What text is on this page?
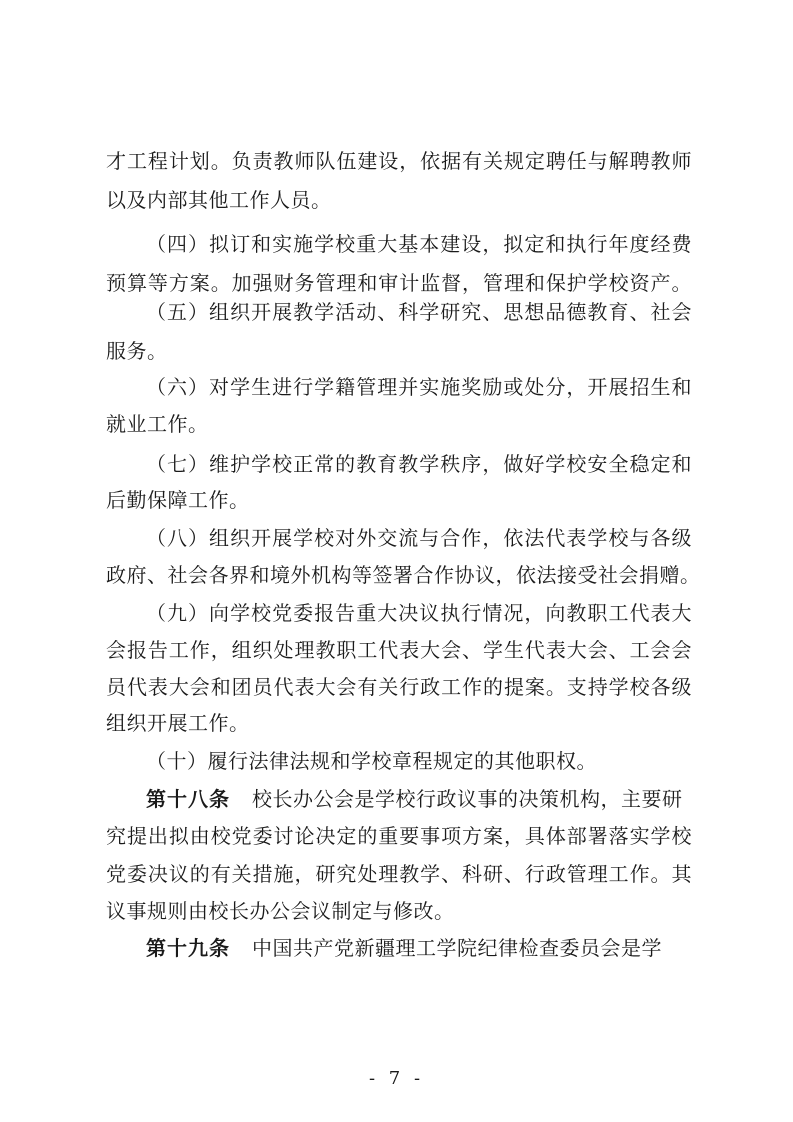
才工程计划。负责教师队伍建设，依据有关规定聘任与解聘教师

以及内部其他工作人员。

（四）拟订和实施学校重大基本建设，拟定和执行年度经费

预算等方案。加强财务管理和审计监督，管理和保护学校资产。

（五）组织开展教学活动、科学研究、思想品德教育、社会

服务。

（六）对学生进行学籍管理并实施奖励或处分，开展招生和

就业工作。

（七）维护学校正常的教育教学秩序，做好学校安全稳定和

后勤保障工作。

（八）组织开展学校对外交流与合作，依法代表学校与各级

政府、社会各界和境外机构等签署合作协议，依法接受社会捐赠。

（九）向学校党委报告重大决议执行情况，向教职工代表大

会报告工作，组织处理教职工代表大会、学生代表大会、工会会

员代表大会和团员代表大会有关行政工作的提案。支持学校各级

组织开展工作。

（十）履行法律法规和学校章程规定的其他职权。

第十八条 校长办公会是学校行政议事的决策机构，主要研

究提出拟由校党委讨论决定的重要事项方案，具体部署落实学校

党委决议的有关措施，研究处理教学、科研、行政管理工作。其

议事规则由校长办公会议制定与修改。

第十九条 中国共产党新疆理工学院纪律检查委员会是学

- 7 -
